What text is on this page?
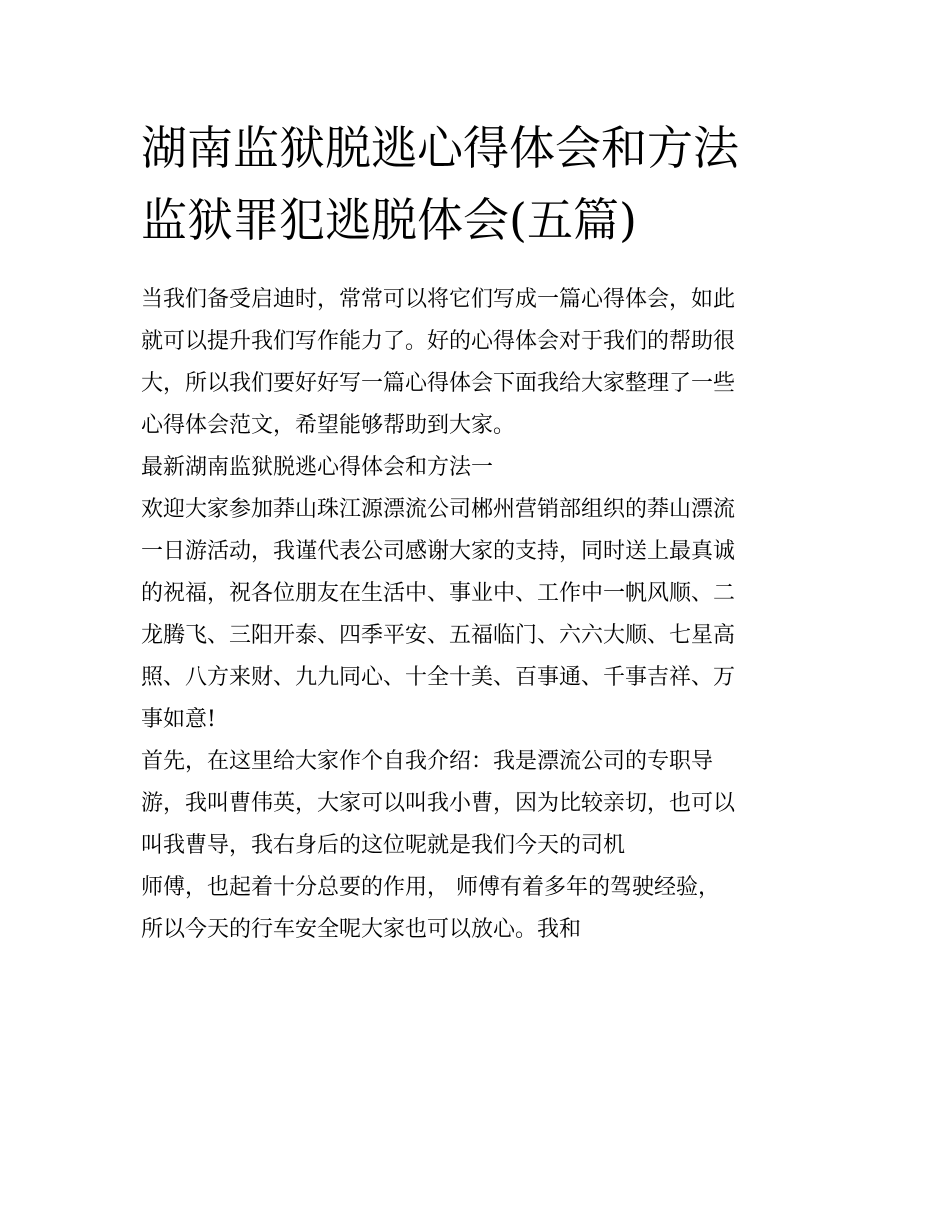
湖南监狱脱逃心得体会和方法
监狱罪犯逃脱体会(五篇)
当我们备受启迪时，常常可以将它们写成一篇心得体会，如此
就可以提升我们写作能力了。好的心得体会对于我们的帮助很
大，所以我们要好好写一篇心得体会下面我给大家整理了一些
心得体会范文，希望能够帮助到大家。
最新湖南监狱脱逃心得体会和方法一
欢迎大家参加莽山珠江源漂流公司郴州营销部组织的莽山漂流
一日游活动，我谨代表公司感谢大家的支持，同时送上最真诚
的祝福，祝各位朋友在生活中、事业中、工作中一帆风顺、二
龙腾飞、三阳开泰、四季平安、五福临门、六六大顺、七星高
照、八方来财、九九同心、十全十美、百事通、千事吉祥、万
事如意!
首先，在这里给大家作个自我介绍：我是漂流公司的专职导
游，我叫曹伟英，大家可以叫我小曹，因为比较亲切，也可以
叫我曹导，我右身后的这位呢就是我们今天的司机
师傅，也起着十分总要的作用， 师傅有着多年的驾驶经验，
所以今天的行车安全呢大家也可以放心。我和
